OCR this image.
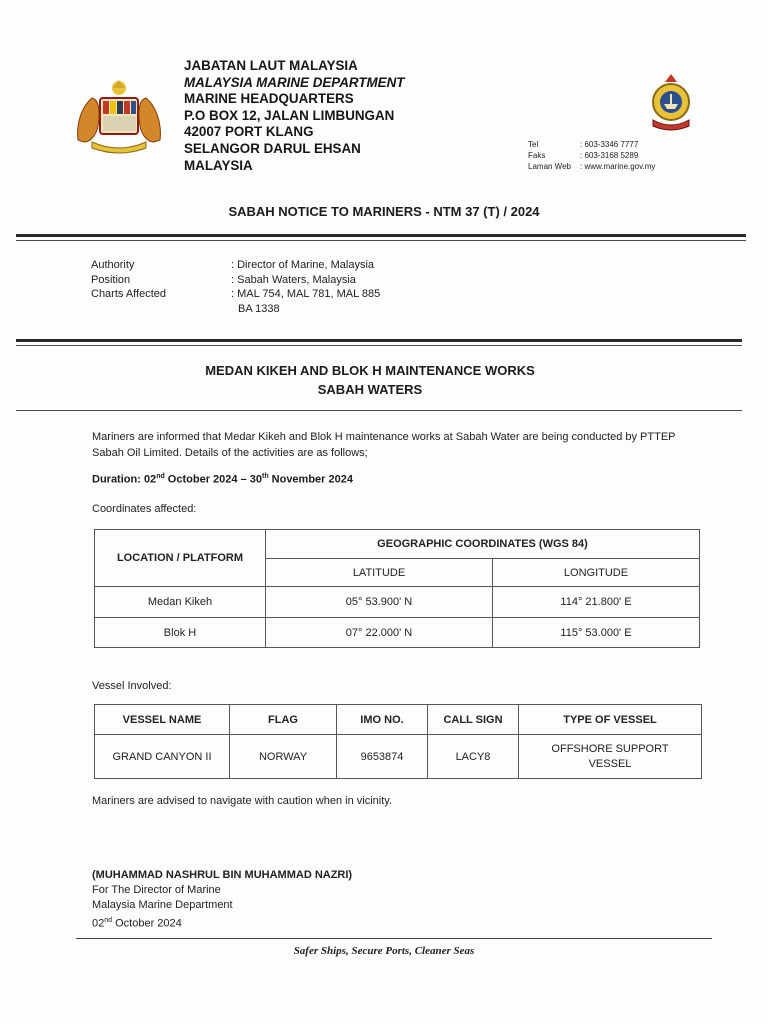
JABATAN LAUT MALAYSIA
MALAYSIA MARINE DEPARTMENT
MARINE HEADQUARTERS
P.O BOX 12, JALAN LIMBUNGAN
42007 PORT KLANG
SELANGOR DARUL EHSAN
MALAYSIA
Tel	: 603-3346 7777
Faks	: 603-3168 5289
Laman Web	: www.marine.gov.my
SABAH NOTICE TO MARINERS - NTM 37 (T) / 2024
Authority	: Director of Marine, Malaysia
Position	: Sabah Waters, Malaysia
Charts Affected	: MAL 754, MAL 781, MAL 885
BA 1338
MEDAN KIKEH AND BLOK H MAINTENANCE WORKS
SABAH WATERS
Mariners are informed that Medar Kikeh and Blok H maintenance works at Sabah Water are being conducted by PTTEP Sabah Oil Limited. Details of the activities are as follows;
Duration: 02nd October 2024 – 30th November 2024
Coordinates affected:
LOCATION / PLATFORM	GEOGRAPHIC COORDINATES (WGS 84)	
	LATITUDE	LONGITUDE
Medan Kikeh	05° 53.900' N	114° 21.800' E
Blok H	07° 22.000' N	115° 53.000' E
Vessel Involved:
VESSEL NAME	FLAG	IMO NO.	CALL SIGN	TYPE OF VESSEL
GRAND CANYON II	NORWAY	9653874	LACY8	OFFSHORE SUPPORT
VESSEL
Mariners are advised to navigate with caution when in vicinity.
(MUHAMMAD NASHRUL BIN MUHAMMAD NAZRI)
For The Director of Marine
Malaysia Marine Department
02nd October 2024
Safer Ships, Secure Ports, Cleaner Seas
